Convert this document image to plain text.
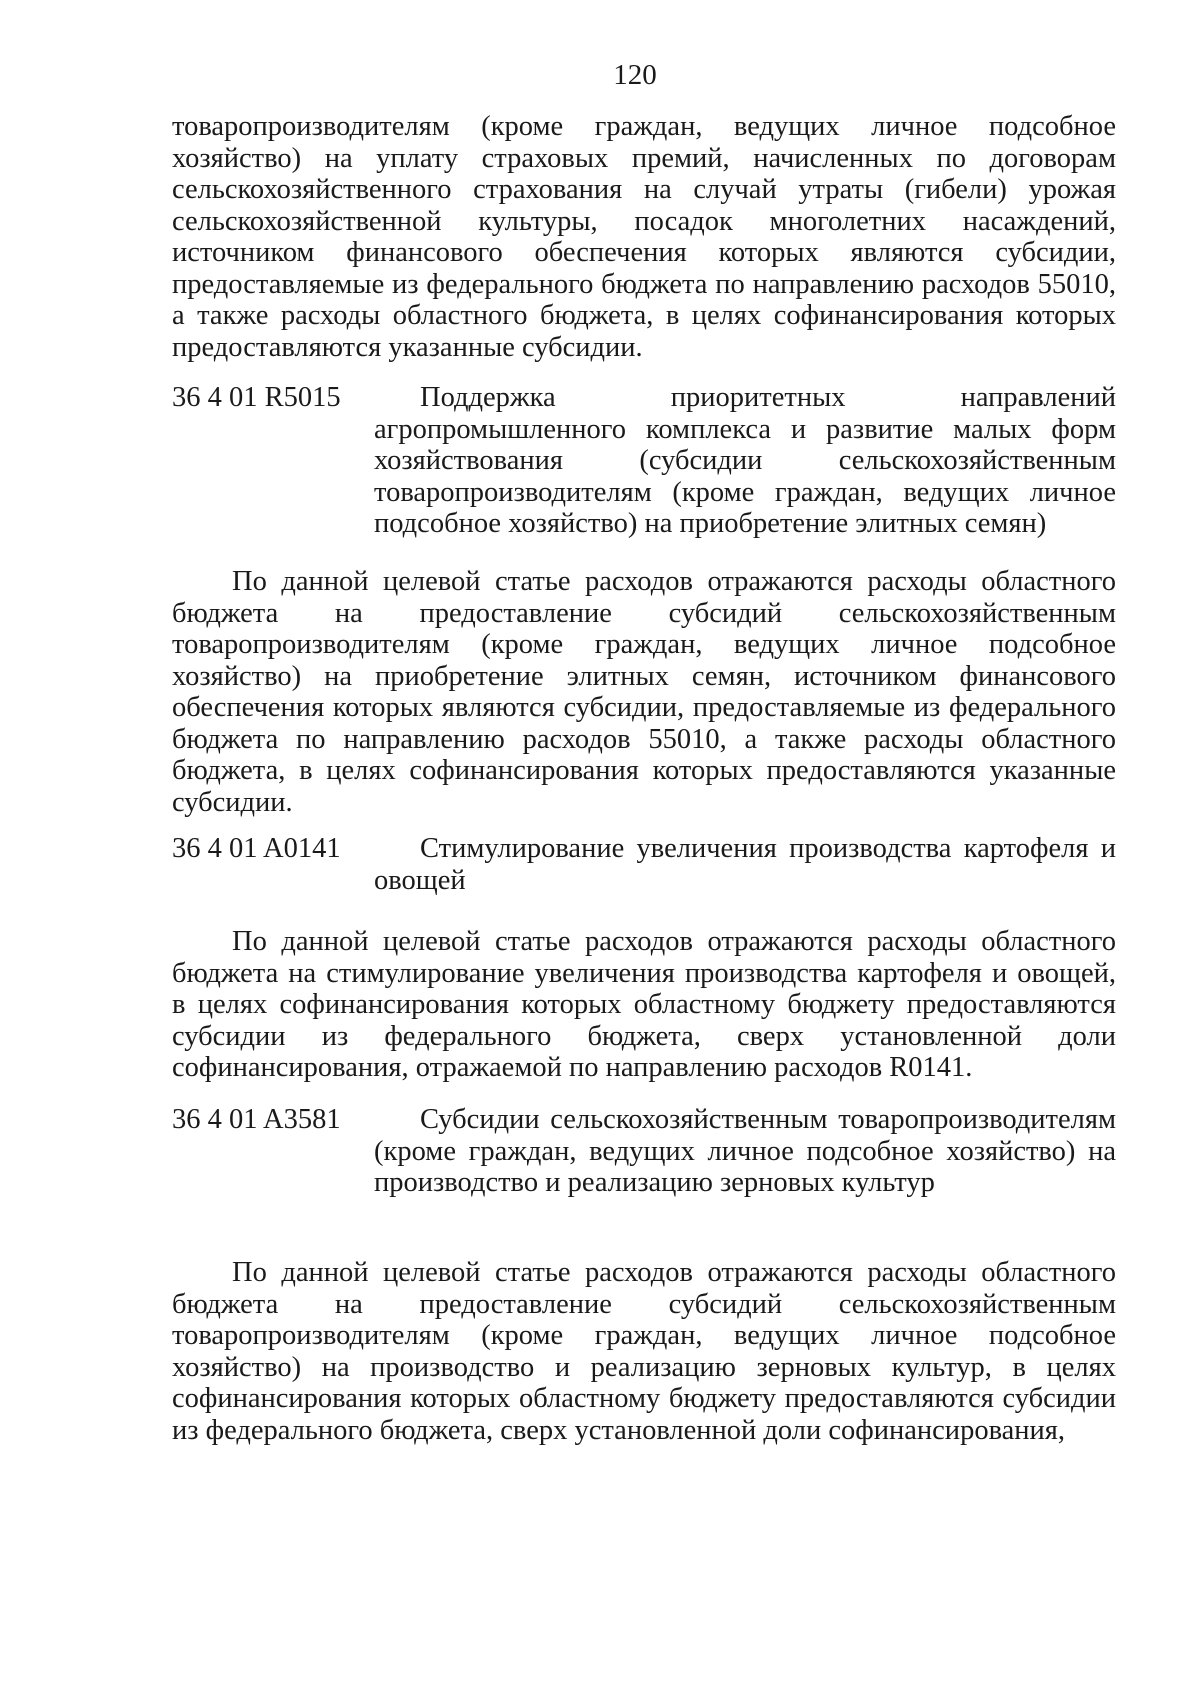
120

товаропроизводителям (кроме граждан, ведущих личное подсобное хозяйство) на уплату страховых премий, начисленных по договорам сельскохозяйственного страхования на случай утраты (гибели) урожая сельскохозяйственной культуры, посадок многолетних насаждений, источником финансового обеспечения которых являются субсидии, предоставляемые из федерального бюджета по направлению расходов 55010, а также расходы областного бюджета, в целях софинансирования которых предоставляются указанные субсидии.

36 4 01 R5015	Поддержка приоритетных направлений агропромышленного комплекса и развитие малых форм хозяйствования (субсидии сельскохозяйственным товаропроизводителям (кроме граждан, ведущих личное подсобное хозяйство) на приобретение элитных семян)

По данной целевой статье расходов отражаются расходы областного бюджета на предоставление субсидий сельскохозяйственным товаропроизводителям (кроме граждан, ведущих личное подсобное хозяйство) на приобретение элитных семян, источником финансового обеспечения которых являются субсидии, предоставляемые из федерального бюджета по направлению расходов 55010, а также расходы областного бюджета, в целях софинансирования которых предоставляются указанные субсидии.

36 4 01 A0141	Стимулирование увеличения производства картофеля и овощей

По данной целевой статье расходов отражаются расходы областного бюджета на стимулирование увеличения производства картофеля и овощей, в целях софинансирования которых областному бюджету предоставляются субсидии из федерального бюджета, сверх установленной доли софинансирования, отражаемой по направлению расходов R0141.

36 4 01 A3581	Субсидии сельскохозяйственным товаропроизводителям (кроме граждан, ведущих личное подсобное хозяйство) на производство и реализацию зерновых культур

По данной целевой статье расходов отражаются расходы областного бюджета на предоставление субсидий сельскохозяйственным товаропроизводителям (кроме граждан, ведущих личное подсобное хозяйство) на производство и реализацию зерновых культур, в целях софинансирования которых областному бюджету предоставляются субсидии из федерального бюджета, сверх установленной доли софинансирования,
